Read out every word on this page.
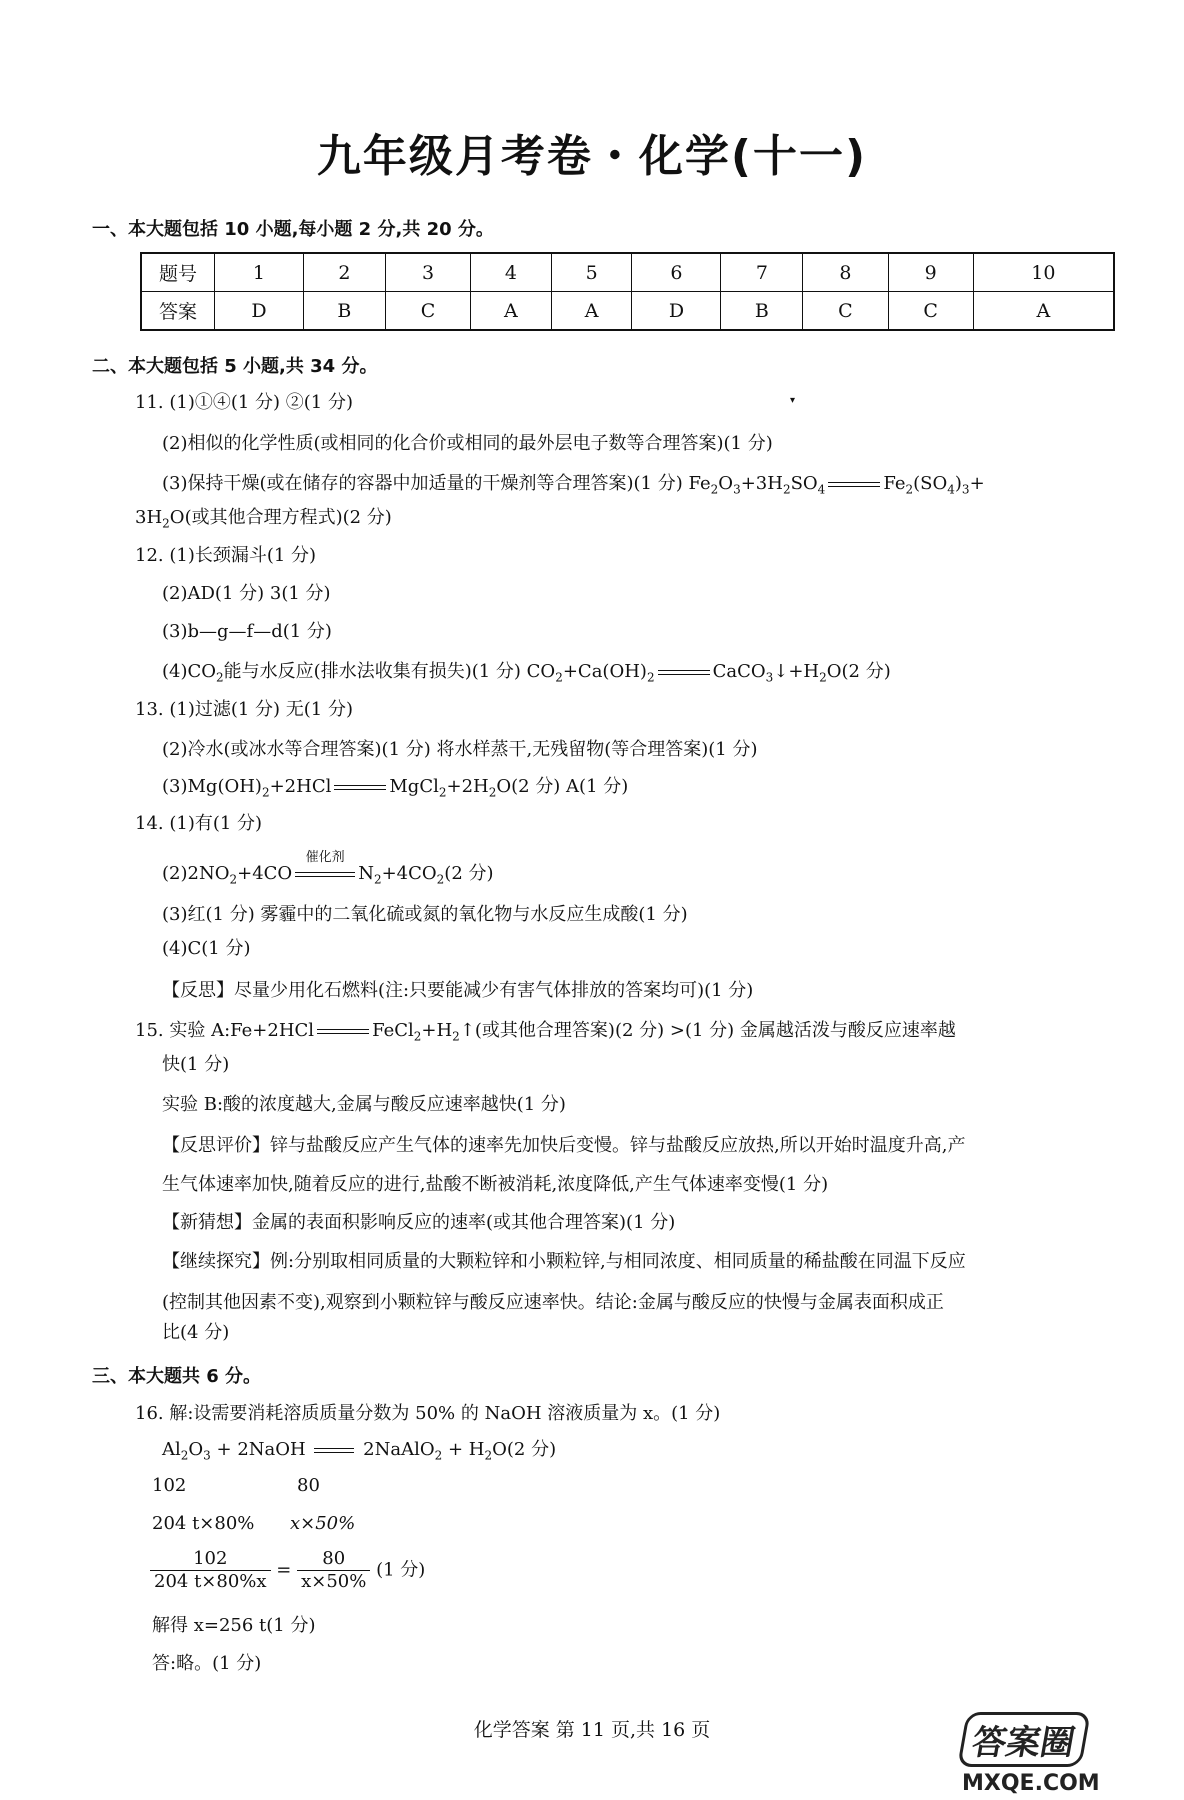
九年级月考卷・化学(十一)
一、本大题包括 10 小题,每小题 2 分,共 20 分。
题号	1	2	3	4	5	6	7	8	9	10
答案	D	B	C	A	A	D	B	C	C	A
二、本大题包括 5 小题,共 34 分。
▾
11. (1)①④(1 分) ②(1 分)
(2)相似的化学性质(或相同的化合价或相同的最外层电子数等合理答案)(1 分)
(3)保持干燥(或在储存的容器中加适量的干燥剂等合理答案)(1 分) $Fe_2O_3+3H_2SO_4$	$Fe_2(SO_4)_3+$
$3H_2O$(或其他合理方程式)(2 分)
12. (1)长颈漏斗(1 分)
(2)AD(1 分) 3(1 分)
(3)b—g—f—d(1 分)
$(4)CO_2$能与水反应(排水法收集有损失)(1 分) $CO_2+Ca(OH)_2$	$CaCO_3↓+H_2O(2$ 分)
13. (1)过滤(1 分) 无(1 分)
(2)冷水(或冰水等合理答案)(1 分) 将水样蒸干,无残留物(等合理答案)(1 分)
$(3)Mg(OH)_2+2HCl$	$MgCl_2+2H_2O(2$ 分) A(1 分)
14. (1)有(1 分)
$(2)2NO_2+4CO$
催化剂
$N_2+4CO_2(2$ 分)
(3)红(1 分) 雾霾中的二氧化硫或氮的氧化物与水反应生成酸(1 分)
(4)C(1 分)
【反思】尽量少用化石燃料(注:只要能减少有害气体排放的答案均可)(1 分)
15. 实验 A:Fe+2HCl	$FeCl_2+H_2↑$(或其他合理答案)(2 分) >(1 分) 金属越活泼与酸反应速率越
快(1 分)
实验 B:酸的浓度越大,金属与酸反应速率越快(1 分)
【反思评价】锌与盐酸反应产生气体的速率先加快后变慢。锌与盐酸反应放热,所以开始时温度升高,产
生气体速率加快,随着反应的进行,盐酸不断被消耗,浓度降低,产生气体速率变慢(1 分)
【新猜想】金属的表面积影响反应的速率(或其他合理答案)(1 分)
【继续探究】例:分别取相同质量的大颗粒锌和小颗粒锌,与相同浓度、相同质量的稀盐酸在同温下反应
(控制其他因素不变),观察到小颗粒锌与酸反应速率快。结论:金属与酸反应的快慢与金属表面积成正
比(4 分)
三、本大题共 6 分。
16. 解:设需要消耗溶质质量分数为 50% 的 NaOH 溶液质量为 x。(1 分)
$Al_2O_3$ + 2NaOH	2NaAlO$_2$ + $H_2O(2$ 分)
102	80
204 t×80% x×50%
$\frac{102}{204 t\times 80\%x} = \frac{80}{x\times 50\%} (1$ 分)
解得 x=256 t(1 分)
答:略。(1 分)
化学答案 第 11 页,共 16 页	答案圈
MXQE.COM
